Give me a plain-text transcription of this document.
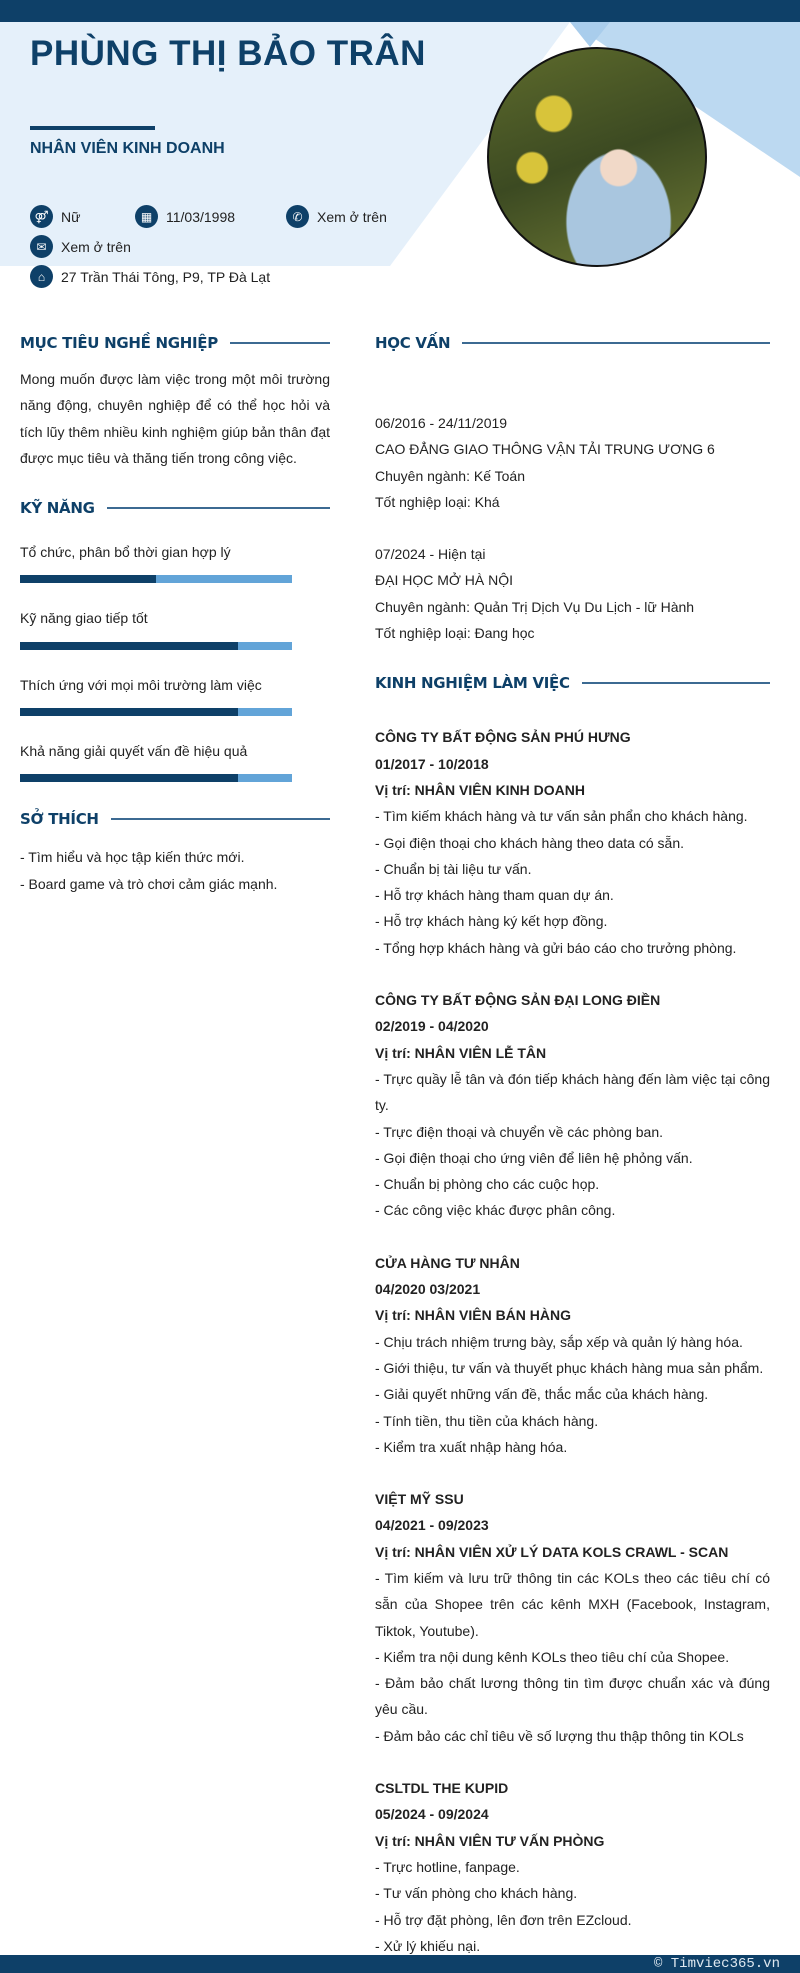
PHÙNG THỊ BẢO TRÂN
NHÂN VIÊN KINH DOANH
⚤ Nữ	▦ 11/03/1998	✆	Xem ở trên
✉	Xem ở trên
⌂	27 Trần Thái Tông, P9, TP Đà Lạt
MỤC TIÊU NGHỀ NGHIỆP
Mong muốn được làm việc trong một môi trường năng động, chuyên nghiệp để có thể học hỏi và tích lũy thêm nhiều kinh nghiệm giúp bản thân đạt được mục tiêu và thăng tiến trong công việc.
KỸ NĂNG
Tổ chức, phân bổ thời gian hợp lý
Kỹ năng giao tiếp tốt
Thích ứng với mọi môi trường làm việc
Khả năng giải quyết vấn đề hiệu quả
SỞ THÍCH
- Tìm hiểu và học tập kiến thức mới.
- Board game và trò chơi cảm giác mạnh.
HỌC VẤN
06/2016 - 24/11/2019
CAO ĐẲNG GIAO THÔNG VẬN TẢI TRUNG ƯƠNG 6
Chuyên ngành: Kế Toán
Tốt nghiệp loại: Khá
07/2024 - Hiện tại
ĐẠI HỌC MỞ HÀ NỘI
Chuyên ngành: Quản Trị Dịch Vụ Du Lịch - lữ Hành
Tốt nghiệp loại: Đang học
KINH NGHIỆM LÀM VIỆC
CÔNG TY BẤT ĐỘNG SẢN PHÚ HƯNG
01/2017 - 10/2018
Vị trí: NHÂN VIÊN KINH DOANH
- Tìm kiếm khách hàng và tư vấn sản phẩn cho khách hàng.
- Gọi điện thoại cho khách hàng theo data có sẵn.
- Chuẩn bị tài liệu tư vấn.
- Hỗ trợ khách hàng tham quan dự án.
- Hỗ trợ khách hàng ký kết hợp đồng.
- Tổng hợp khách hàng và gửi báo cáo cho trưởng phòng.
CÔNG TY BẤT ĐỘNG SẢN ĐẠI LONG ĐIỀN
02/2019 - 04/2020
Vị trí: NHÂN VIÊN LỄ TÂN
- Trực quầy lễ tân và đón tiếp khách hàng đến làm việc tại công ty.
- Trực điện thoại và chuyển về các phòng ban.
- Gọi điện thoại cho ứng viên để liên hệ phỏng vấn.
- Chuẩn bị phòng cho các cuộc họp.
- Các công việc khác được phân công.
CỬA HÀNG TƯ NHÂN
04/2020 03/2021
Vị trí: NHÂN VIÊN BÁN HÀNG
- Chịu trách nhiệm trưng bày, sắp xếp và quản lý hàng hóa.
- Giới thiệu, tư vấn và thuyết phục khách hàng mua sản phẩm.
- Giải quyết những vấn đề, thắc mắc của khách hàng.
- Tính tiền, thu tiền của khách hàng.
- Kiểm tra xuất nhập hàng hóa.
VIỆT MỸ SSU
04/2021 - 09/2023
Vị trí: NHÂN VIÊN XỬ LÝ DATA KOLS CRAWL - SCAN
- Tìm kiếm và lưu trữ thông tin các KOLs theo các tiêu chí có sẵn của Shopee trên các kênh MXH (Facebook, Instagram, Tiktok, Youtube).
- Kiểm tra nội dung kênh KOLs theo tiêu chí của Shopee.
- Đảm bảo chất lương thông tin tìm được chuẩn xác và đúng yêu cầu.
- Đảm bảo các chỉ tiêu về số lượng thu thập thông tin KOLs
CSLTDL THE KUPID
05/2024 - 09/2024
Vị trí: NHÂN VIÊN TƯ VẤN PHÒNG
- Trực hotline, fanpage.
- Tư vấn phòng cho khách hàng.
- Hỗ trợ đặt phòng, lên đơn trên EZcloud.
- Xử lý khiếu nại.
© Timviec365.vn
